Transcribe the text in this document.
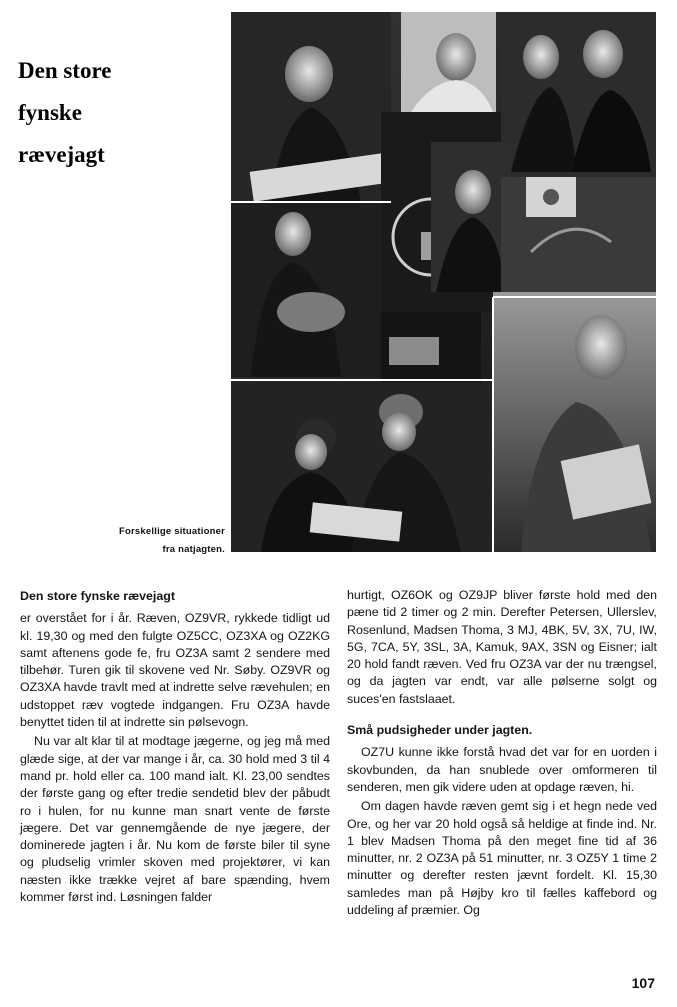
Den store
fynske
rævejagt
Forskellige situationer
fra natjagten.
Den store fynske rævejagt

er overstået for i år. Ræven, OZ9VR, rykkede tidligt ud kl. 19,30 og med den fulgte OZ5CC, OZ3XA og OZ2KG samt aftenens gode fe, fru OZ3A samt 2 sendere med tilbehør. Turen gik til skovene ved Nr. Søby. OZ9VR og OZ3XA havde travlt med at indrette selve rævehulen; en udstoppet ræv vogtede indgangen. Fru OZ3A havde benyttet tiden til at indrette sin pølsevogn.

Nu var alt klar til at modtage jægerne, og jeg må med glæde sige, at der var mange i år, ca. 30 hold med 3 til 4 mand pr. hold eller ca. 100 mand ialt. Kl. 23,00 sendtes der første gang og efter tredie sendetid blev der påbudt ro i hulen, for nu kunne man snart vente de første jægere. Det var gennemgående de nye jægere, der dominerede jagten i år. Nu kom de første biler til syne og pludselig vrimler skoven med projektører, vi kan næsten ikke trække vejret af bare spænding, hvem kommer først ind. Løsningen falder

hurtigt, OZ6OK og OZ9JP bliver første hold med den pæne tid 2 timer og 2 min. Derefter Petersen, Ullerslev, Rosenlund, Madsen Thoma, 3 MJ, 4BK, 5V, 3X, 7U, IW, 5G, 7CA, 5Y, 3SL, 3A, Kamuk, 9AX, 3SN og Eisner; ialt 20 hold fandt ræven. Ved fru OZ3A var der nu trængsel, og da jagten var endt, var alle pølserne solgt og suces'en fastslaaet.

Små pudsigheder under jagten.

OZ7U kunne ikke forstå hvad det var for en uorden i skovbunden, da han snublede over omformeren til senderen, men gik videre uden at opdage ræven, hi.

Om dagen havde ræven gemt sig i et hegn nede ved Ore, og her var 20 hold også så heldige at finde ind. Nr. 1 blev Madsen Thoma på den meget fine tid af 36 minutter, nr. 2 OZ3A på 51 minutter, nr. 3 OZ5Y 1 time 2 minutter og derefter resten jævnt fordelt. Kl. 15,30 samledes man på Højby kro til fælles kaffebord og uddeling af præmier. Og

107
